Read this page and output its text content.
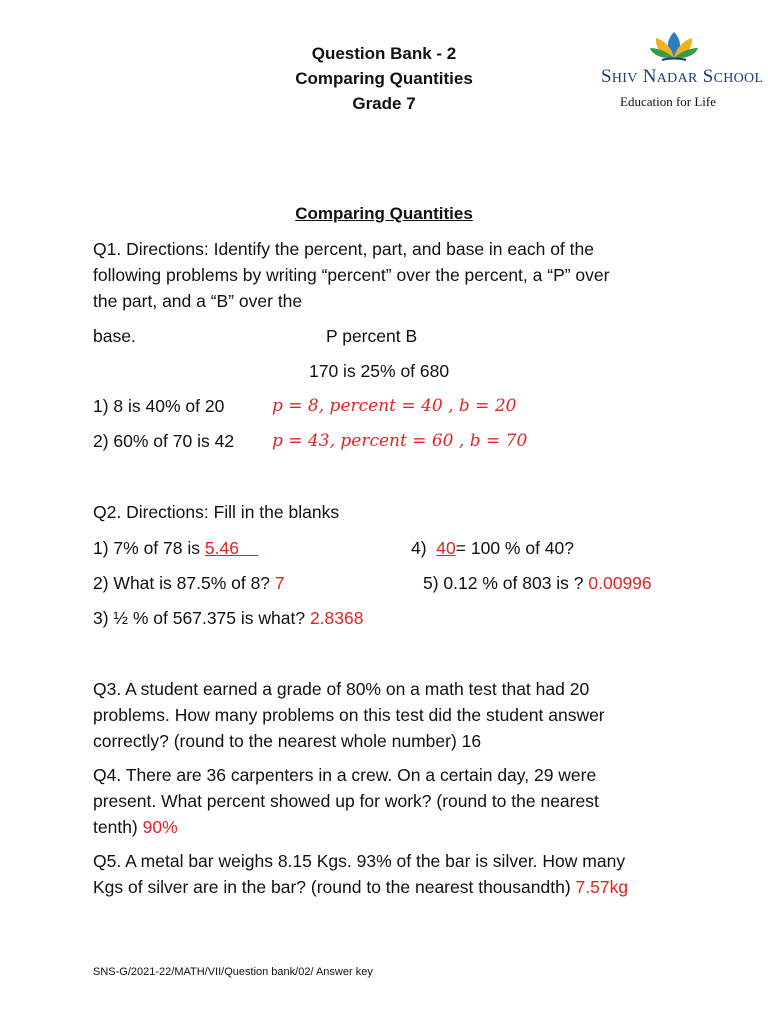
Question Bank - 2
Comparing Quantities
Grade 7
SHIV NADAR SCHOOL
Education for Life
Comparing Quantities
Q1. Directions: Identify the percent, part, and base in each of the
following problems by writing “percent” over the percent, a “P” over
the part, and a “B” over the
base.	P percent B
170 is 25% of 680
1) 8 is 40% of 20	p = 8, percent = 40 , b = 20
2) 60% of 70 is 42 p = 43, percent = 60 , b = 70
Q2. Directions: Fill in the blanks
1) 7% of 78 is 5.46
2) What is 87.5% of 8? 7
3) ½ % of 567.375 is what? 2.8368
4)  40= 100 % of 40?
5) 0.12 % of 803 is ? 0.00996
Q3. A student earned a grade of 80% on a math test that had 20
problems. How many problems on this test did the student answer
correctly? (round to the nearest whole number) 16
Q4. There are 36 carpenters in a crew. On a certain day, 29 were
present. What percent showed up for work? (round to the nearest
tenth) 90%
Q5. A metal bar weighs 8.15 Kgs. 93% of the bar is silver. How many
Kgs of silver are in the bar? (round to the nearest thousandth) 7.57kg
SNS-G/2021-22/MATH/VII/Question bank/02/ Answer key
